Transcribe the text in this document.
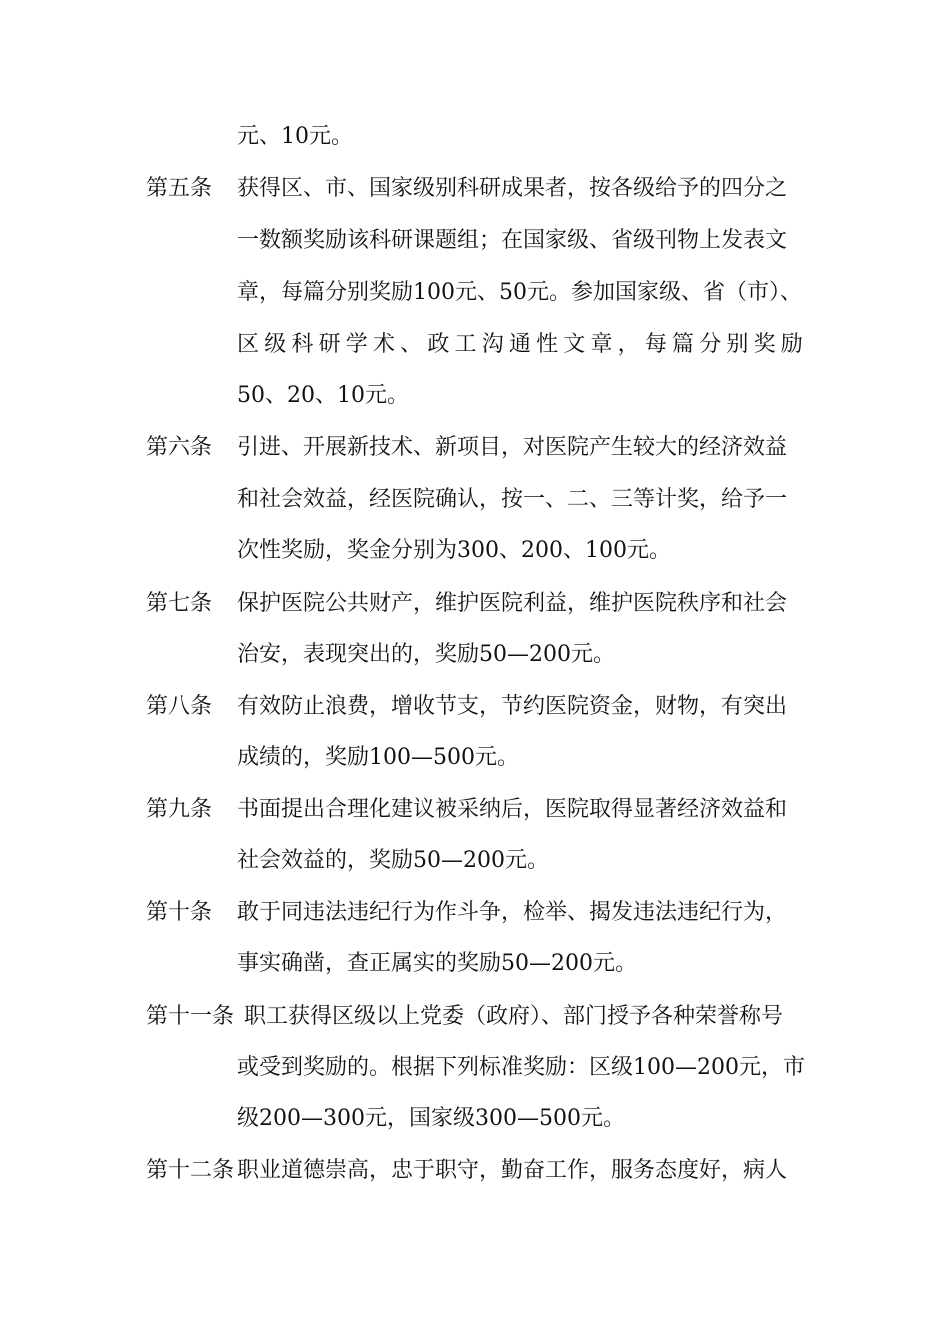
元、10元。
第五条 获得区、市、国家级别科研成果者，按各级给予的四分之
一数额奖励该科研课题组；在国家级、省级刊物上发表文
章，每篇分别奖励100元、50元。参加国家级、省（市）、
区 级 科 研 学 术 、 政 工 沟 通 性 文 章 ， 每 篇 分 别 奖 励
50、20、10元。
第六条 引进、开展新技术、新项目，对医院产生较大的经济效益
和社会效益，经医院确认，按一、二、三等计奖，给予一
次性奖励，奖金分别为300、200、100元。
第七条 保护医院公共财产，维护医院利益，维护医院秩序和社会
治安，表现突出的，奖励50—200元。
第八条 有效防止浪费，增收节支，节约医院资金，财物，有突出
成绩的，奖励100—500元。
第九条 书面提出合理化建议被采纳后，医院取得显著经济效益和
社会效益的，奖励50—200元。
第十条 敢于同违法违纪行为作斗争，检举、揭发违法违纪行为，
事实确凿，查正属实的奖励50—200元。
第十一条 职工获得区级以上党委（政府）、部门授予各种荣誉称号
或受到奖励的。根据下列标准奖励：区级100—200元，市
级200—300元，国家级300—500元。
第十二条 职业道德崇高，忠于职守，勤奋工作，服务态度好，病人
